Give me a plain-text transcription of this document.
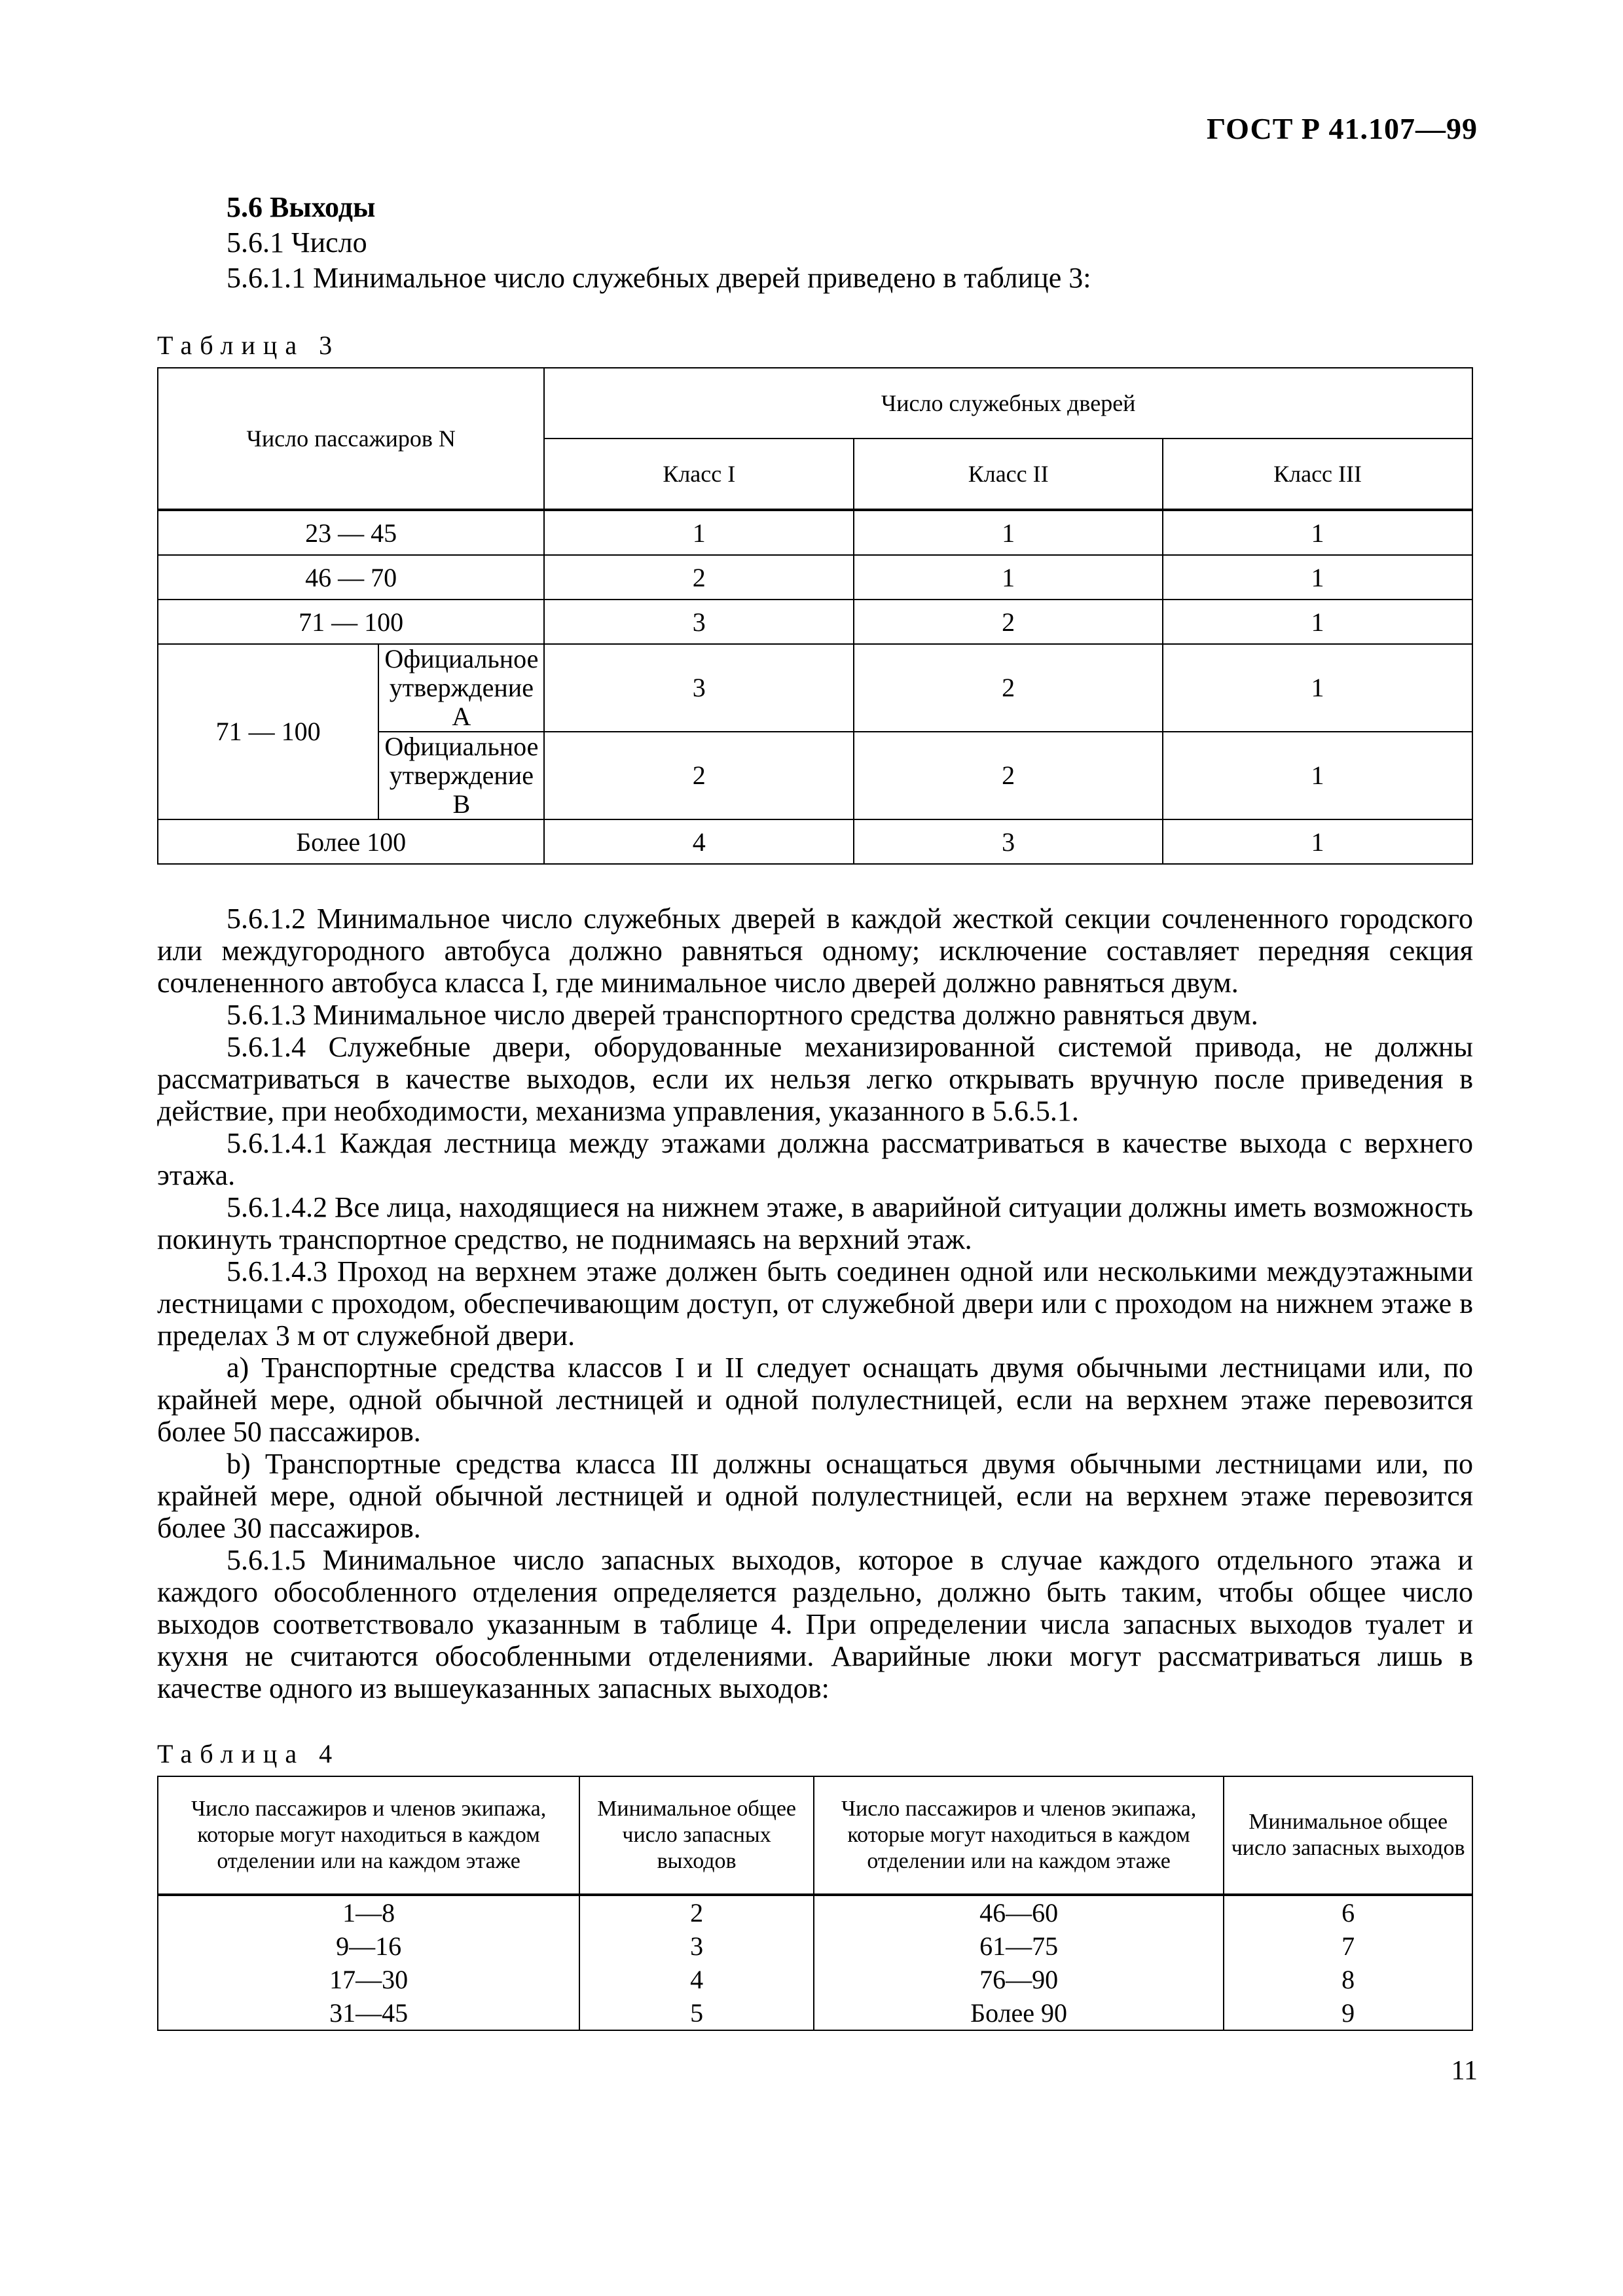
ГОСТ Р 41.107—99
5.6 Выходы
5.6.1 Число
5.6.1.1 Минимальное число служебных дверей приведено в таблице 3:
Таблица 3
Число пассажиров N		Число служебных дверей		
		Класс I	Класс II	Класс III
23 — 45		1	1	1
46 — 70		2	1	1
71 — 100		3	2	1
71 — 100	Официальное утверждение А	3	2	1
	Официальное утверждение В	2	2	1
Более 100		4	3	1

5.6.1.2 Минимальное число служебных дверей в каждой жесткой секции сочлененного городского или междугородного автобуса должно равняться одному; исключение составляет передняя секция сочлененного автобуса класса I, где минимальное число дверей должно равняться двум.

5.6.1.3 Минимальное число дверей транспортного средства должно равняться двум.

5.6.1.4 Служебные двери, оборудованные механизированной системой привода, не должны рассматриваться в качестве выходов, если их нельзя легко открывать вручную после приведения в действие, при необходимости, механизма управления, указанного в 5.6.5.1.

5.6.1.4.1 Каждая лестница между этажами должна рассматриваться в качестве выхода с верхнего этажа.

5.6.1.4.2 Все лица, находящиеся на нижнем этаже, в аварийной ситуации должны иметь возможность покинуть транспортное средство, не поднимаясь на верхний этаж.

5.6.1.4.3 Проход на верхнем этаже должен быть соединен одной или несколькими междуэтажными лестницами с проходом, обеспечивающим доступ, от служебной двери или с проходом на нижнем этаже в пределах 3 м от служебной двери.

a) Транспортные средства классов I и II следует оснащать двумя обычными лестницами или, по крайней мере, одной обычной лестницей и одной полулестницей, если на верхнем этаже перевозится более 50 пассажиров.

b) Транспортные средства класса III должны оснащаться двумя обычными лестницами или, по крайней мере, одной обычной лестницей и одной полулестницей, если на верхнем этаже перевозится более 30 пассажиров.

5.6.1.5 Минимальное число запасных выходов, которое в случае каждого отдельного этажа и каждого обособленного отделения определяется раздельно, должно быть таким, чтобы общее число выходов соответствовало указанным в таблице 4. При определении числа запасных выходов туалет и кухня не считаются обособленными отделениями. Аварийные люки могут рассматриваться лишь в качестве одного из вышеуказанных запасных выходов:

Таблица 4
Число пассажиров и членов экипажа, которые могут находиться в каждом отделении или на каждом этаже	Минимальное общее число запасных выходов	Число пассажиров и членов экипажа, которые могут находиться в каждом отделении или на каждом этаже	Минимальное общее число запасных выходов
1—8	2	46—60	6
9—16	3	61—75	7
17—30	4	76—90	8
31—45	5	Более 90	9
11
